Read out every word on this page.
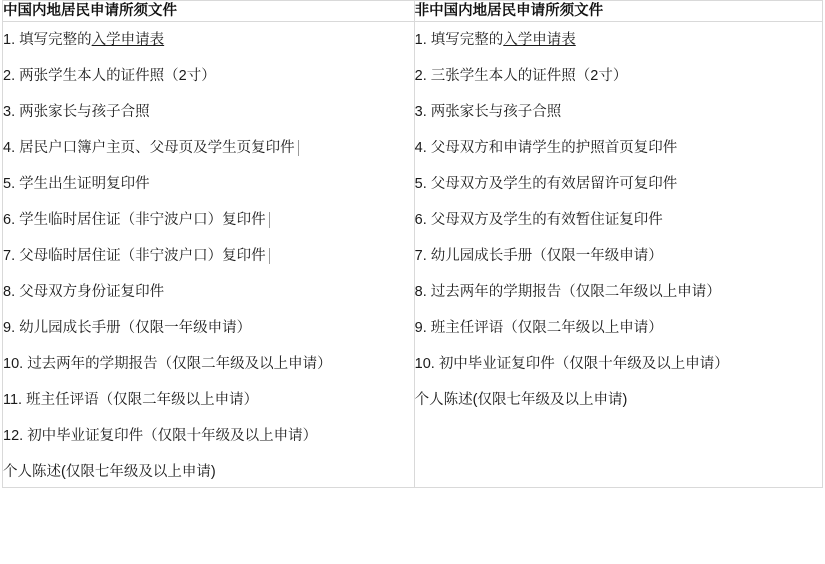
中国内地居民申请所须文件	非中国内地居民申请所须文件

1. 填写完整的入学申请表
2. 两张学生本人的证件照（2寸）
3. 两张家长与孩子合照
4. 居民户口簿户主页、父母页及学生页复印件
5. 学生出生证明复印件
6. 学生临时居住证（非宁波户口）复印件
7. 父母临时居住证（非宁波户口）复印件
8. 父母双方身份证复印件
9. 幼儿园成长手册（仅限一年级申请）
10. 过去两年的学期报告（仅限二年级及以上申请）
11. 班主任评语（仅限二年级以上申请）
12. 初中毕业证复印件（仅限十年级及以上申请）
个人陈述(仅限七年级及以上申请)

1. 填写完整的入学申请表
2. 三张学生本人的证件照（2寸）
3. 两张家长与孩子合照
4. 父母双方和申请学生的护照首页复印件
5. 父母双方及学生的有效居留许可复印件
6. 父母双方及学生的有效暂住证复印件
7. 幼儿园成长手册（仅限一年级申请）
8. 过去两年的学期报告（仅限二年级以上申请）
9. 班主任评语（仅限二年级以上申请）
10. 初中毕业证复印件（仅限十年级及以上申请）
个人陈述(仅限七年级及以上申请)
